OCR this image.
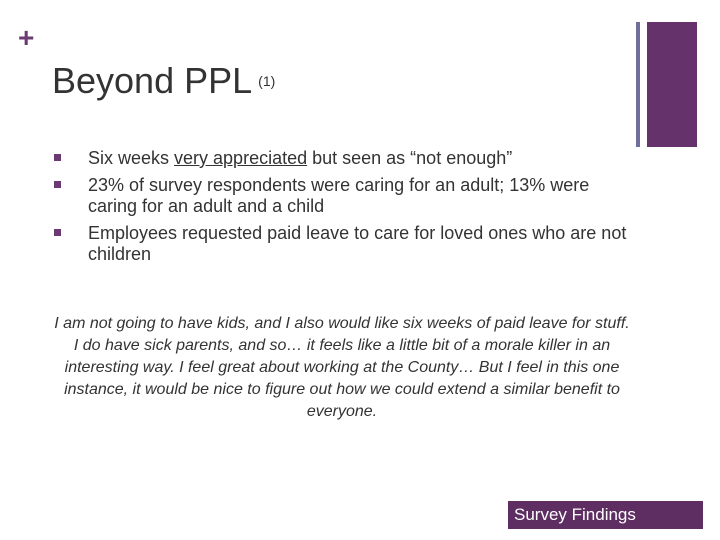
+
Beyond PPL (1)
Six weeks very appreciated but seen as “not enough”
23% of survey respondents were caring for an adult; 13% were caring for an adult and a child
Employees requested paid leave to care for loved ones who are not children
I am not going to have kids, and I also would like six weeks of paid leave for stuff. I do have sick parents, and so… it feels like a little bit of a morale killer in an interesting way. I feel great about working at the County… But I feel in this one instance, it would be nice to figure out how we could extend a similar benefit to everyone.
Survey Findings
